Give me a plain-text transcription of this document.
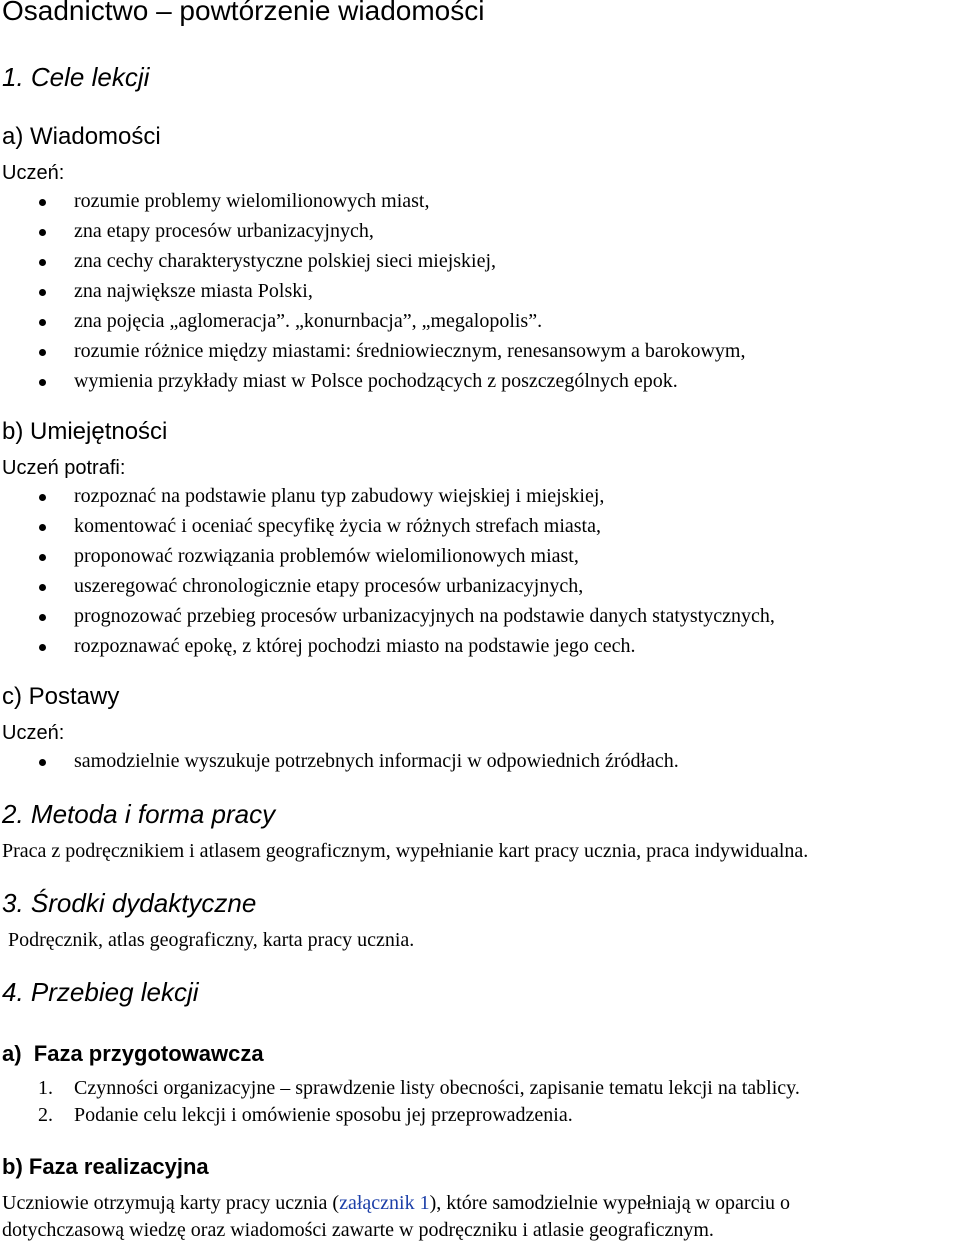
Osadnictwo – powtórzenie wiadomości
1. Cele lekcji
a) Wiadomości
Uczeń:
rozumie problemy wielomilionowych miast,
zna etapy procesów urbanizacyjnych,
zna cechy charakterystyczne polskiej sieci miejskiej,
zna największe miasta Polski,
zna pojęcia „aglomeracja”. „konurnbacja”, „megalopolis”.
rozumie różnice między miastami: średniowiecznym, renesansowym a barokowym,
wymienia przykłady miast w Polsce pochodzących z poszczególnych epok.
b) Umiejętności
Uczeń potrafi:
rozpoznać na podstawie planu typ zabudowy wiejskiej i miejskiej,
komentować i oceniać specyfikę życia w różnych strefach miasta,
proponować rozwiązania problemów wielomilionowych miast,
uszeregować chronologicznie etapy procesów urbanizacyjnych,
prognozować przebieg procesów urbanizacyjnych na podstawie danych statystycznych,
rozpoznawać epokę, z której pochodzi miasto na podstawie jego cech.
c) Postawy
Uczeń:
samodzielnie wyszukuje potrzebnych informacji w odpowiednich źródłach.
2. Metoda i forma pracy
Praca z podręcznikiem i atlasem geograficznym, wypełnianie kart pracy ucznia, praca indywidualna.
3. Środki dydaktyczne
Podręcznik, atlas geograficzny, karta pracy ucznia.
4. Przebieg lekcji
a)  Faza przygotowawcza
1. Czynności organizacyjne – sprawdzenie listy obecności, zapisanie tematu lekcji na tablicy.
2. Podanie celu lekcji i omówienie sposobu jej przeprowadzenia.
b) Faza realizacyjna
Uczniowie otrzymują karty pracy ucznia (załącznik 1), które samodzielnie wypełniają w oparciu o
dotychczasową wiedzę oraz wiadomości zawarte w podręczniku i atlasie geograficznym.
